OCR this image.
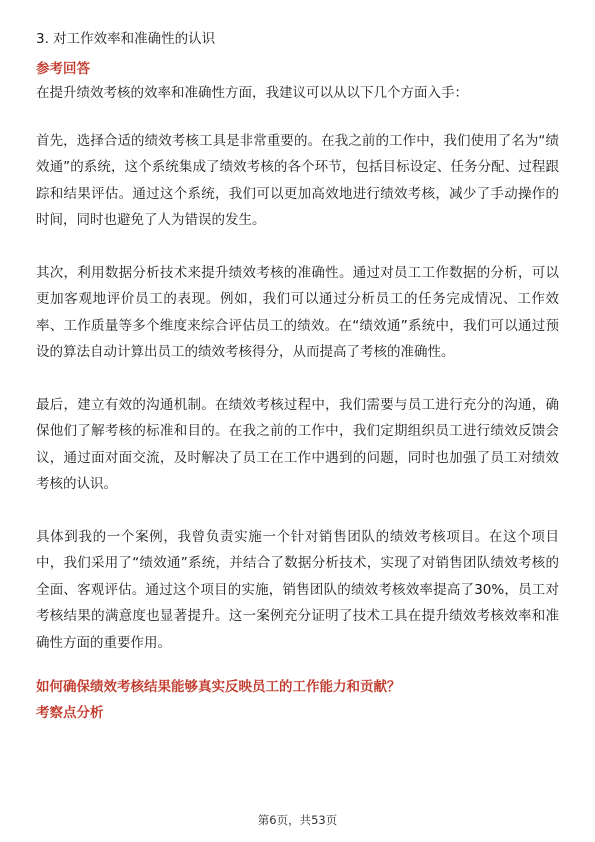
3. 对工作效率和准确性的认识
参考回答

在提升绩效考核的效率和准确性方面，我建议可以从以下几个方面入手：

首先，选择合适的绩效考核工具是非常重要的。在我之前的工作中，我们使用了名为“绩效通”的系统，这个系统集成了绩效考核的各个环节，包括目标设定、任务分配、过程跟踪和结果评估。通过这个系统，我们可以更加高效地进行绩效考核，减少了手动操作的时间，同时也避免了人为错误的发生。

其次，利用数据分析技术来提升绩效考核的准确性。通过对员工工作数据的分析，可以更加客观地评价员工的表现。例如，我们可以通过分析员工的任务完成情况、工作效率、工作质量等多个维度来综合评估员工的绩效。在“绩效通”系统中，我们可以通过预设的算法自动计算出员工的绩效考核得分，从而提高了考核的准确性。

最后，建立有效的沟通机制。在绩效考核过程中，我们需要与员工进行充分的沟通，确保他们了解考核的标准和目的。在我之前的工作中，我们定期组织员工进行绩效反馈会议，通过面对面交流，及时解决了员工在工作中遇到的问题，同时也加强了员工对绩效考核的认识。

具体到我的一个案例，我曾负责实施一个针对销售团队的绩效考核项目。在这个项目中，我们采用了“绩效通”系统，并结合了数据分析技术，实现了对销售团队绩效考核的全面、客观评估。通过这个项目的实施，销售团队的绩效考核效率提高了30%，员工对考核结果的满意度也显著提升。这一案例充分证明了技术工具在提升绩效考核效率和准确性方面的重要作用。

如何确保绩效考核结果能够真实反映员工的工作能力和贡献？
考察点分析
第6页，共53页
